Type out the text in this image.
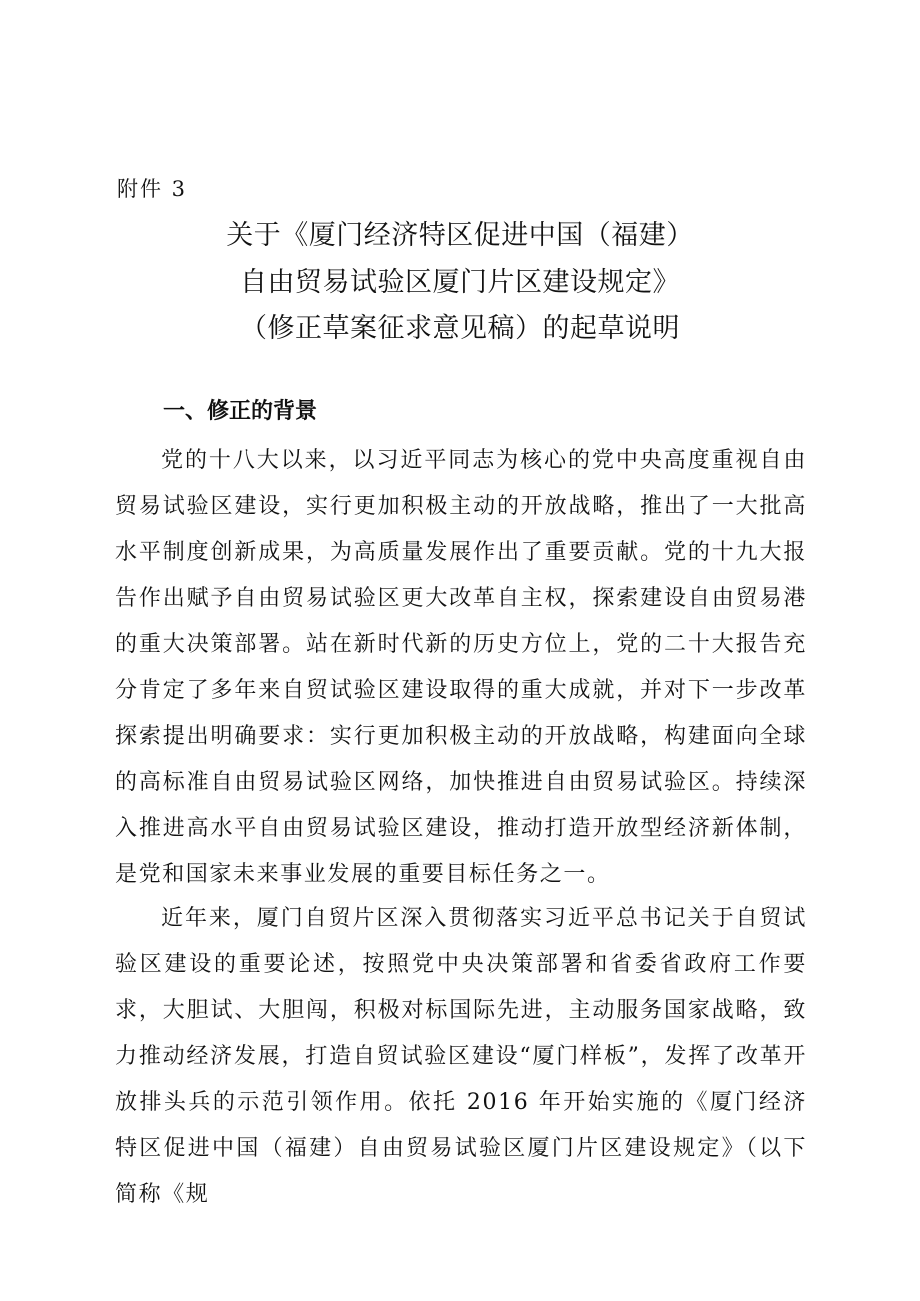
附件 3
关于《厦门经济特区促进中国（福建）
自由贸易试验区厦门片区建设规定》
（修正草案征求意见稿）的起草说明
一、修正的背景
党的十八大以来，以习近平同志为核心的党中央高度重视自由贸易试验区建设，实行更加积极主动的开放战略，推出了一大批高水平制度创新成果，为高质量发展作出了重要贡献。党的十九大报告作出赋予自由贸易试验区更大改革自主权，探索建设自由贸易港的重大决策部署。站在新时代新的历史方位上，党的二十大报告充分肯定了多年来自贸试验区建设取得的重大成就，并对下一步改革探索提出明确要求：实行更加积极主动的开放战略，构建面向全球的高标准自由贸易试验区网络，加快推进自由贸易试验区。持续深入推进高水平自由贸易试验区建设，推动打造开放型经济新体制，是党和国家未来事业发展的重要目标任务之一。
近年来，厦门自贸片区深入贯彻落实习近平总书记关于自贸试验区建设的重要论述，按照党中央决策部署和省委省政府工作要求，大胆试、大胆闯，积极对标国际先进，主动服务国家战略，致力推动经济发展，打造自贸试验区建设“厦门样板”，发挥了改革开放排头兵的示范引领作用。依托 2016 年开始实施的《厦门经济特区促进中国（福建）自由贸易试验区厦门片区建设规定》（以下简称《规
